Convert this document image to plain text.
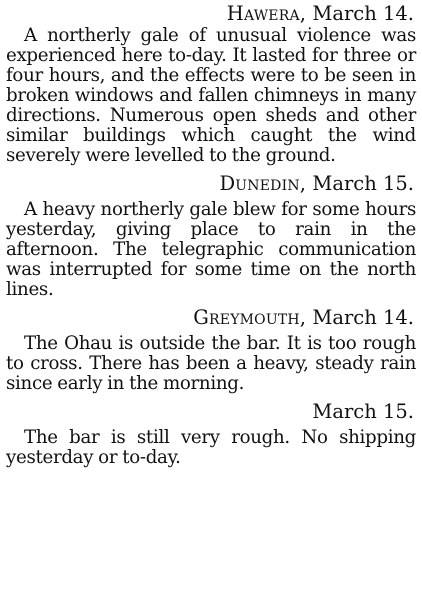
Hawera, March 14.

A northerly gale of unusual violence was experienced here to-day. It lasted for three or four hours, and the effects were to be seen in broken windows and fallen chimneys in many directions. Numerous open sheds and other similar buildings which caught the wind severely were levelled to the ground.

Dunedin, March 15.

A heavy northerly gale blew for some hours yesterday, giving place to rain in the afternoon. The telegraphic communication was interrupted for some time on the north lines.

Greymouth, March 14.

The Ohau is outside the bar. It is too rough to cross. There has been a heavy, steady rain since early in the morning.

March 15.

The bar is still very rough. No shipping yesterday or to-day.
